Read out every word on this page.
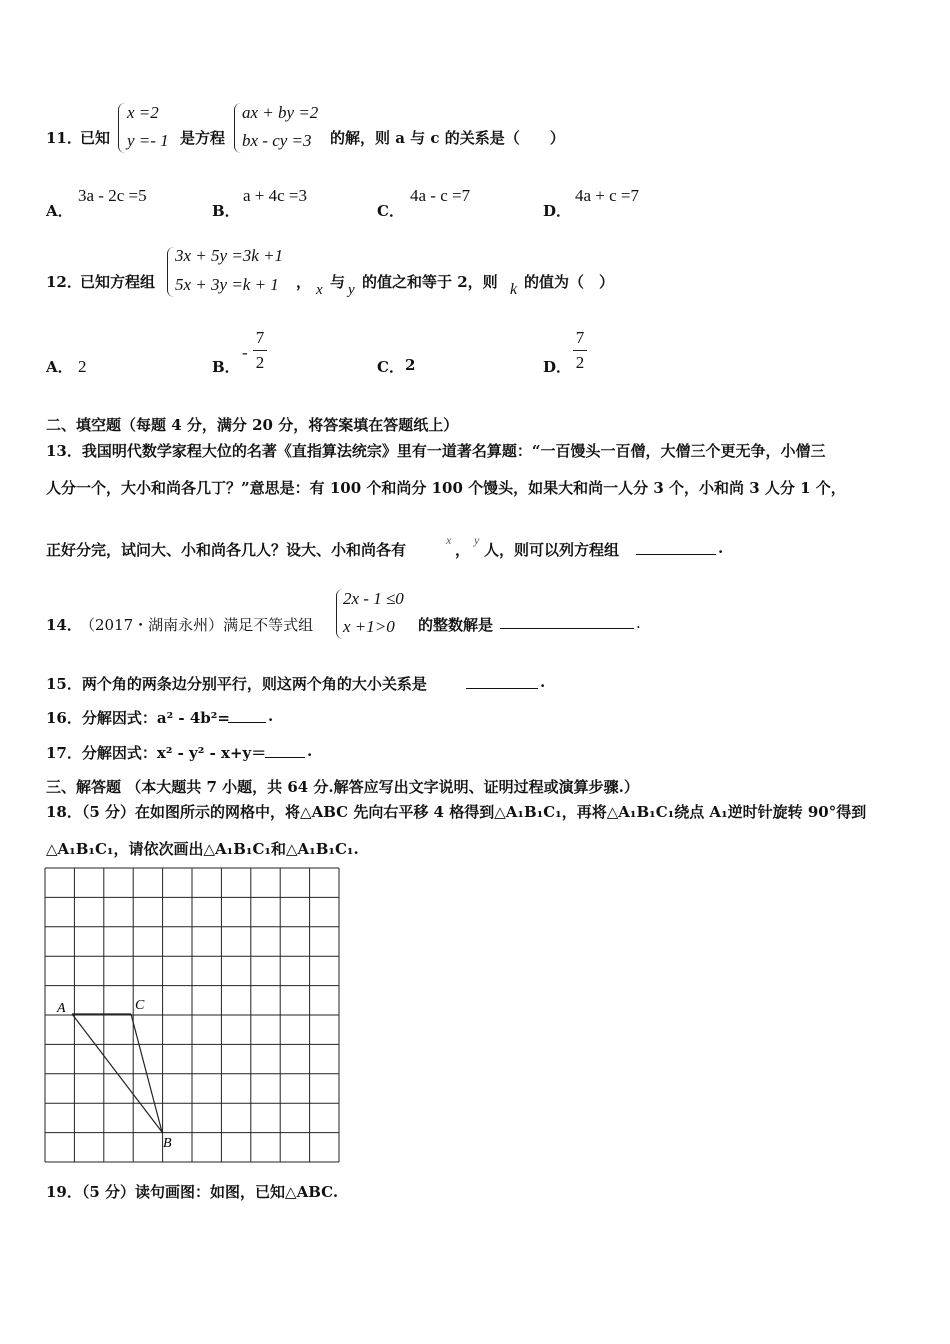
11．
已知
x =2
y =- 1 是方程
ax + by =2
bx - cy =3 的解，则 a 与 c 的关系是（　　）
A．
3a - 2c =5
B．
a + 4c =3
C．
4a - c =7
D．
4a + c =7
12．
已知方程组
3x + 5y =3k +1
5x + 3y =k + 1 ， x 与 y 的值之和等于 2，则 k 的值为（　）
A． 2	B．
-
7
2	C． 2	D．
7
2
二、填空题（每题 4 分，满分 20 分，将答案填在答题纸上）
13．我国明代数学家程大位的名著《直指算法统宗》里有一道著名算题：“一百馒头一百僧，大僧三个更无争，小僧三
人分一个，大小和尚各几丁？”意思是：有 100 个和尚分 100 个馒头，如果大和尚一人分 3 个，小和尚 3 人分 1 个，
正好分完，试问大、小和尚各几人？设大、小和尚各有
x
，
y
人，则可以列方程组	.
14．
（2017・湖南永州）满足不等式组
2x - 1 ≤0
x +1>0 的整数解是	.
15．两个角的两条边分别平行，则这两个角的大小关系是	.
16．分解因式：a² - 4b²=	.
17．分解因式：x² - y² - x+y＝	.
三、解答题 （本大题共 7 小题，共 64 分.解答应写出文字说明、证明过程或演算步骤.）
18．（5 分）在如图所示的网格中，将△ABC 先向右平移 4 格得到△A₁B₁C₁，再将△A₁B₁C₁绕点 A₁逆时针旋转 90°得到
△A₁B₁C₁，请依次画出△A₁B₁C₁和△A₁B₁C₁.
A	C
B
19．（5 分）读句画图：如图，已知△ABC.
